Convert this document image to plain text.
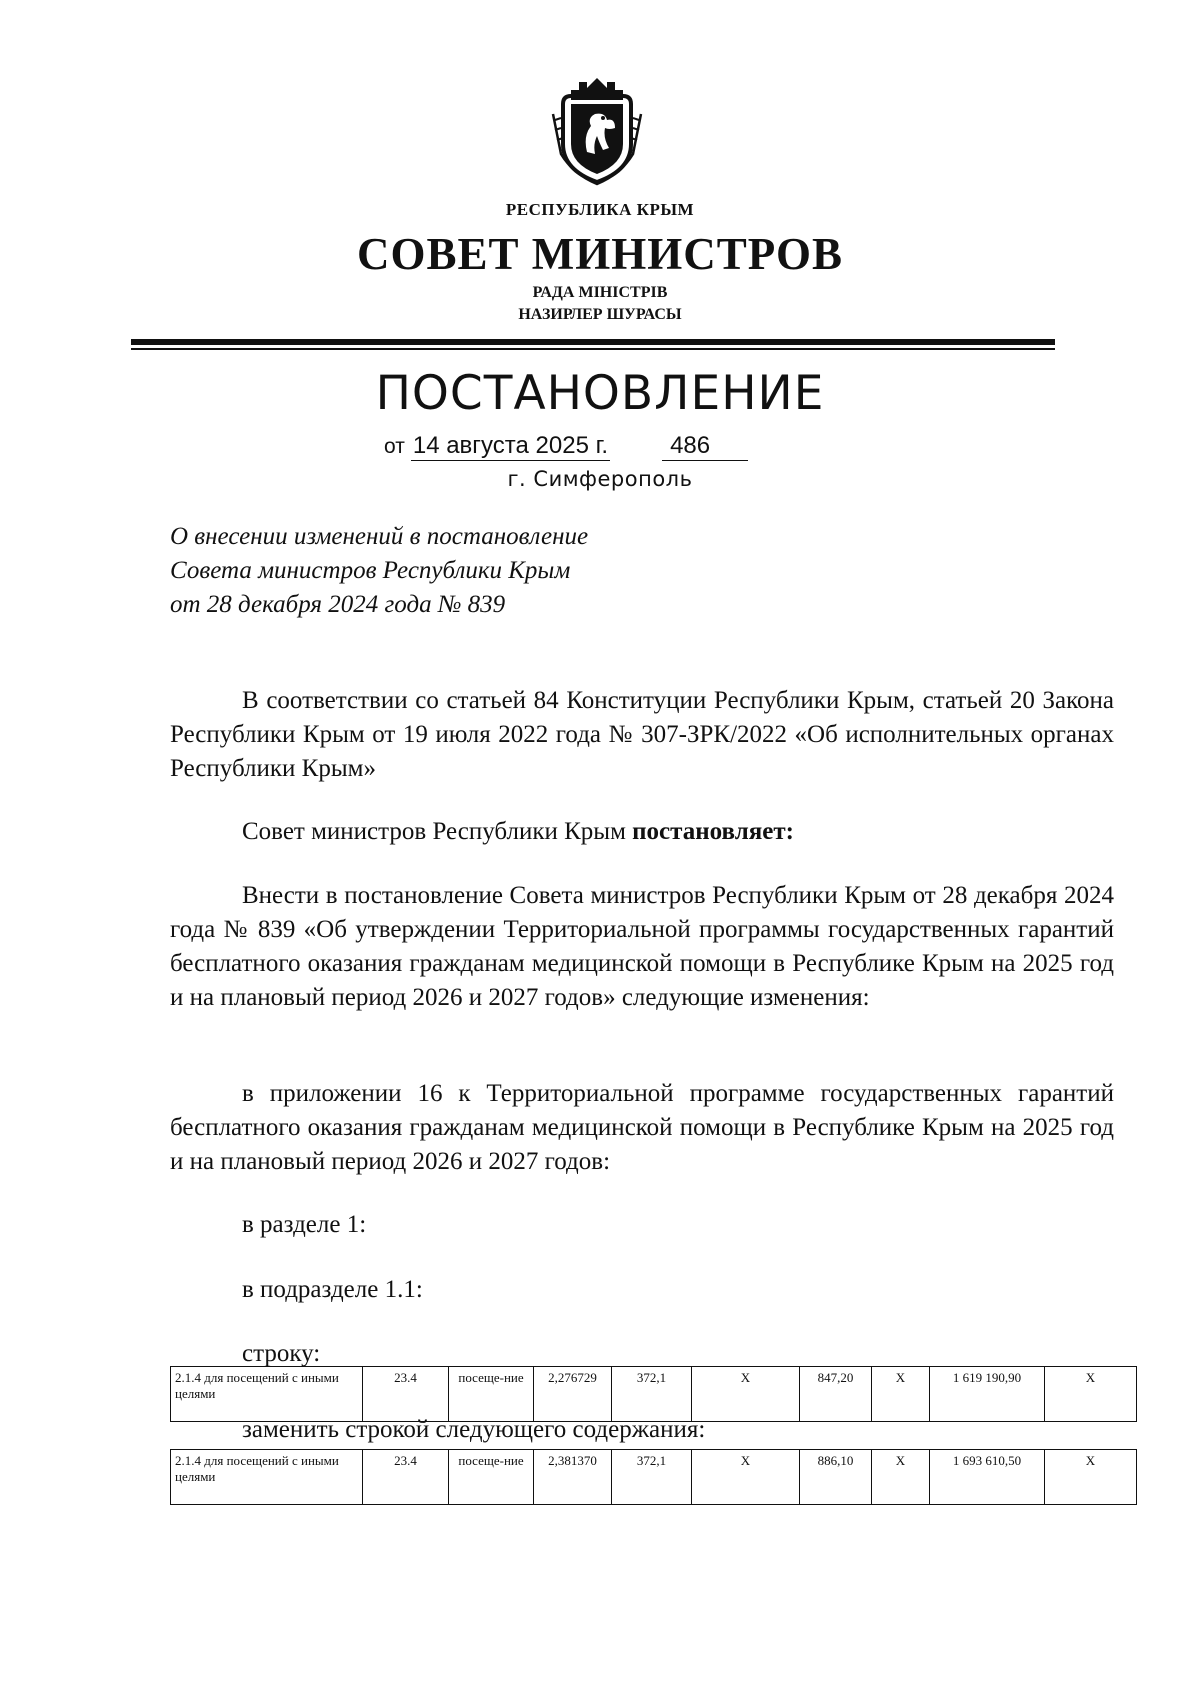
РЕСПУБЛИКА КРЫМ
СОВЕТ МИНИСТРОВ
РАДА МІНІСТРІВ
НАЗИРЛЕР ШУРАСЫ
ПОСТАНОВЛЕНИЕ
от 14 августа 2025 г.	486
г. Симферополь
О внесении изменений в постановление
Совета министров Республики Крым
от 28 декабря 2024 года № 839
В соответствии со статьей 84 Конституции Республики Крым, статьей 20 Закона Республики Крым от 19 июля 2022 года № 307-ЗРК/2022 «Об исполнительных органах Республики Крым»
Совет министров Республики Крым постановляет:
Внести в постановление Совета министров Республики Крым от 28 декабря 2024 года № 839 «Об утверждении Территориальной программы государственных гарантий бесплатного оказания гражданам медицинской помощи в Республике Крым на 2025 год и на плановый период 2026 и 2027 годов» следующие изменения:
в приложении 16 к Территориальной программе государственных гарантий бесплатного оказания гражданам медицинской помощи в Республике Крым на 2025 год и на плановый период 2026 и 2027 годов:
в разделе 1:
в подразделе 1.1:
строку:
2.1.4 для посещений с иными целями	23.4	посеще-ние	2,276729	372,1	Х	847,20	Х	1 619 190,90	Х
заменить строкой следующего содержания:
2.1.4 для посещений с иными целями	23.4	посеще-ние	2,381370	372,1	Х	886,10	Х	1 693 610,50	Х
